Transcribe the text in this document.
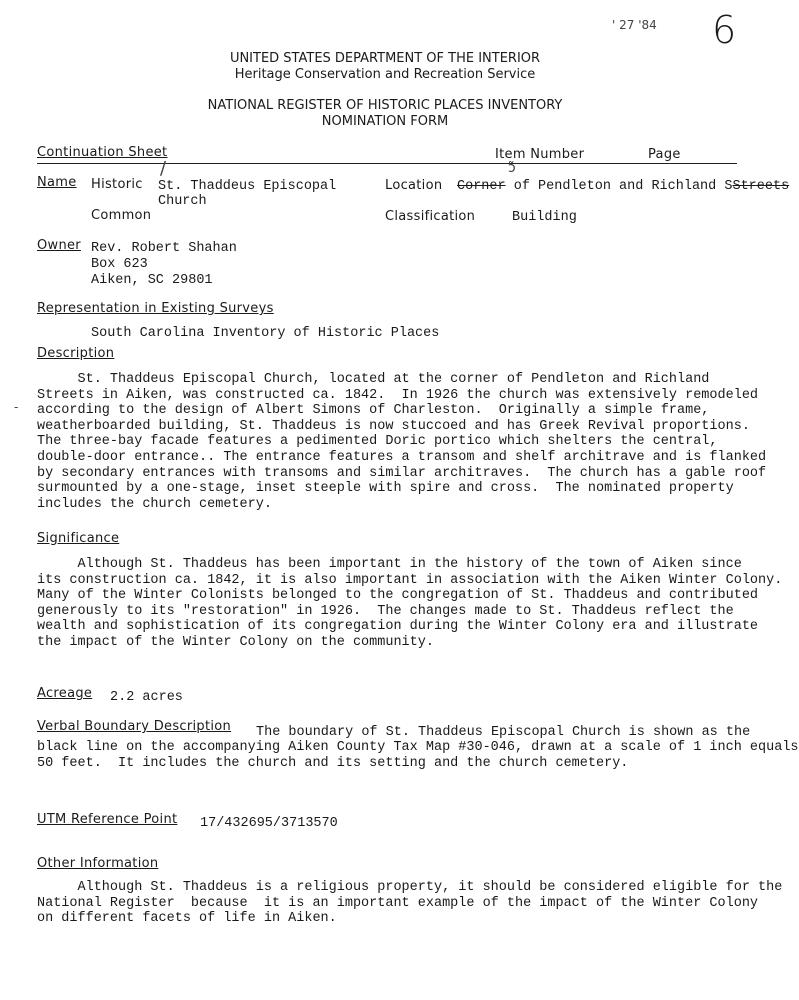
' 27 '84 6
UNITED STATES DEPARTMENT OF THE INTERIOR
Heritage Conservation and Recreation Service
NATIONAL REGISTER OF HISTORIC PLACES INVENTORY
NOMINATION FORM
Continuation Sheet	Item Number	Page
Name Historic
/
St. Thaddeus Episcopal
Church
Common
Location Corner of Pendleton and Richland SStreets
ɔ̃
Classification	Building
Owner Rev. Robert Shahan
Box 623
Aiken, SC 29801
Representation in Existing Surveys
South Carolina Inventory of Historic Places
Description
St. Thaddeus Episcopal Church, located at the corner of Pendleton and Richland
Streets in Aiken, was constructed ca. 1842.  In 1926 the church was extensively remodeled
according to the design of Albert Simons of Charleston.  Originally a simple frame,
weatherboarded building, St. Thaddeus is now stuccoed and has Greek Revival proportions.
The three-bay facade features a pedimented Doric portico which shelters the central,
double-door entrance.. The entrance features a transom and shelf architrave and is flanked
by secondary entrances with transoms and similar architraves.  The church has a gable roof
surmounted by a one-stage, inset steeple with spire and cross.  The nominated property
includes the church cemetery.
-
Significance
Although St. Thaddeus has been important in the history of the town of Aiken since
its construction ca. 1842, it is also important in association with the Aiken Winter Colony.
Many of the Winter Colonists belonged to the congregation of St. Thaddeus and contributed
generously to its "restoration" in 1926.  The changes made to St. Thaddeus reflect the
wealth and sophistication of its congregation during the Winter Colony era and illustrate
the impact of the Winter Colony on the community.
Acreage 2.2 acres
Verbal Boundary Description The boundary of St. Thaddeus Episcopal Church is shown as the
black line on the accompanying Aiken County Tax Map #30-046, drawn at a scale of 1 inch equals
50 feet.  It includes the church and its setting and the church cemetery.
UTM Reference Point 17/432695/3713570
Other Information
Although St. Thaddeus is a religious property, it should be considered eligible for the
National Register  because  it is an important example of the impact of the Winter Colony
on different facets of life in Aiken.
